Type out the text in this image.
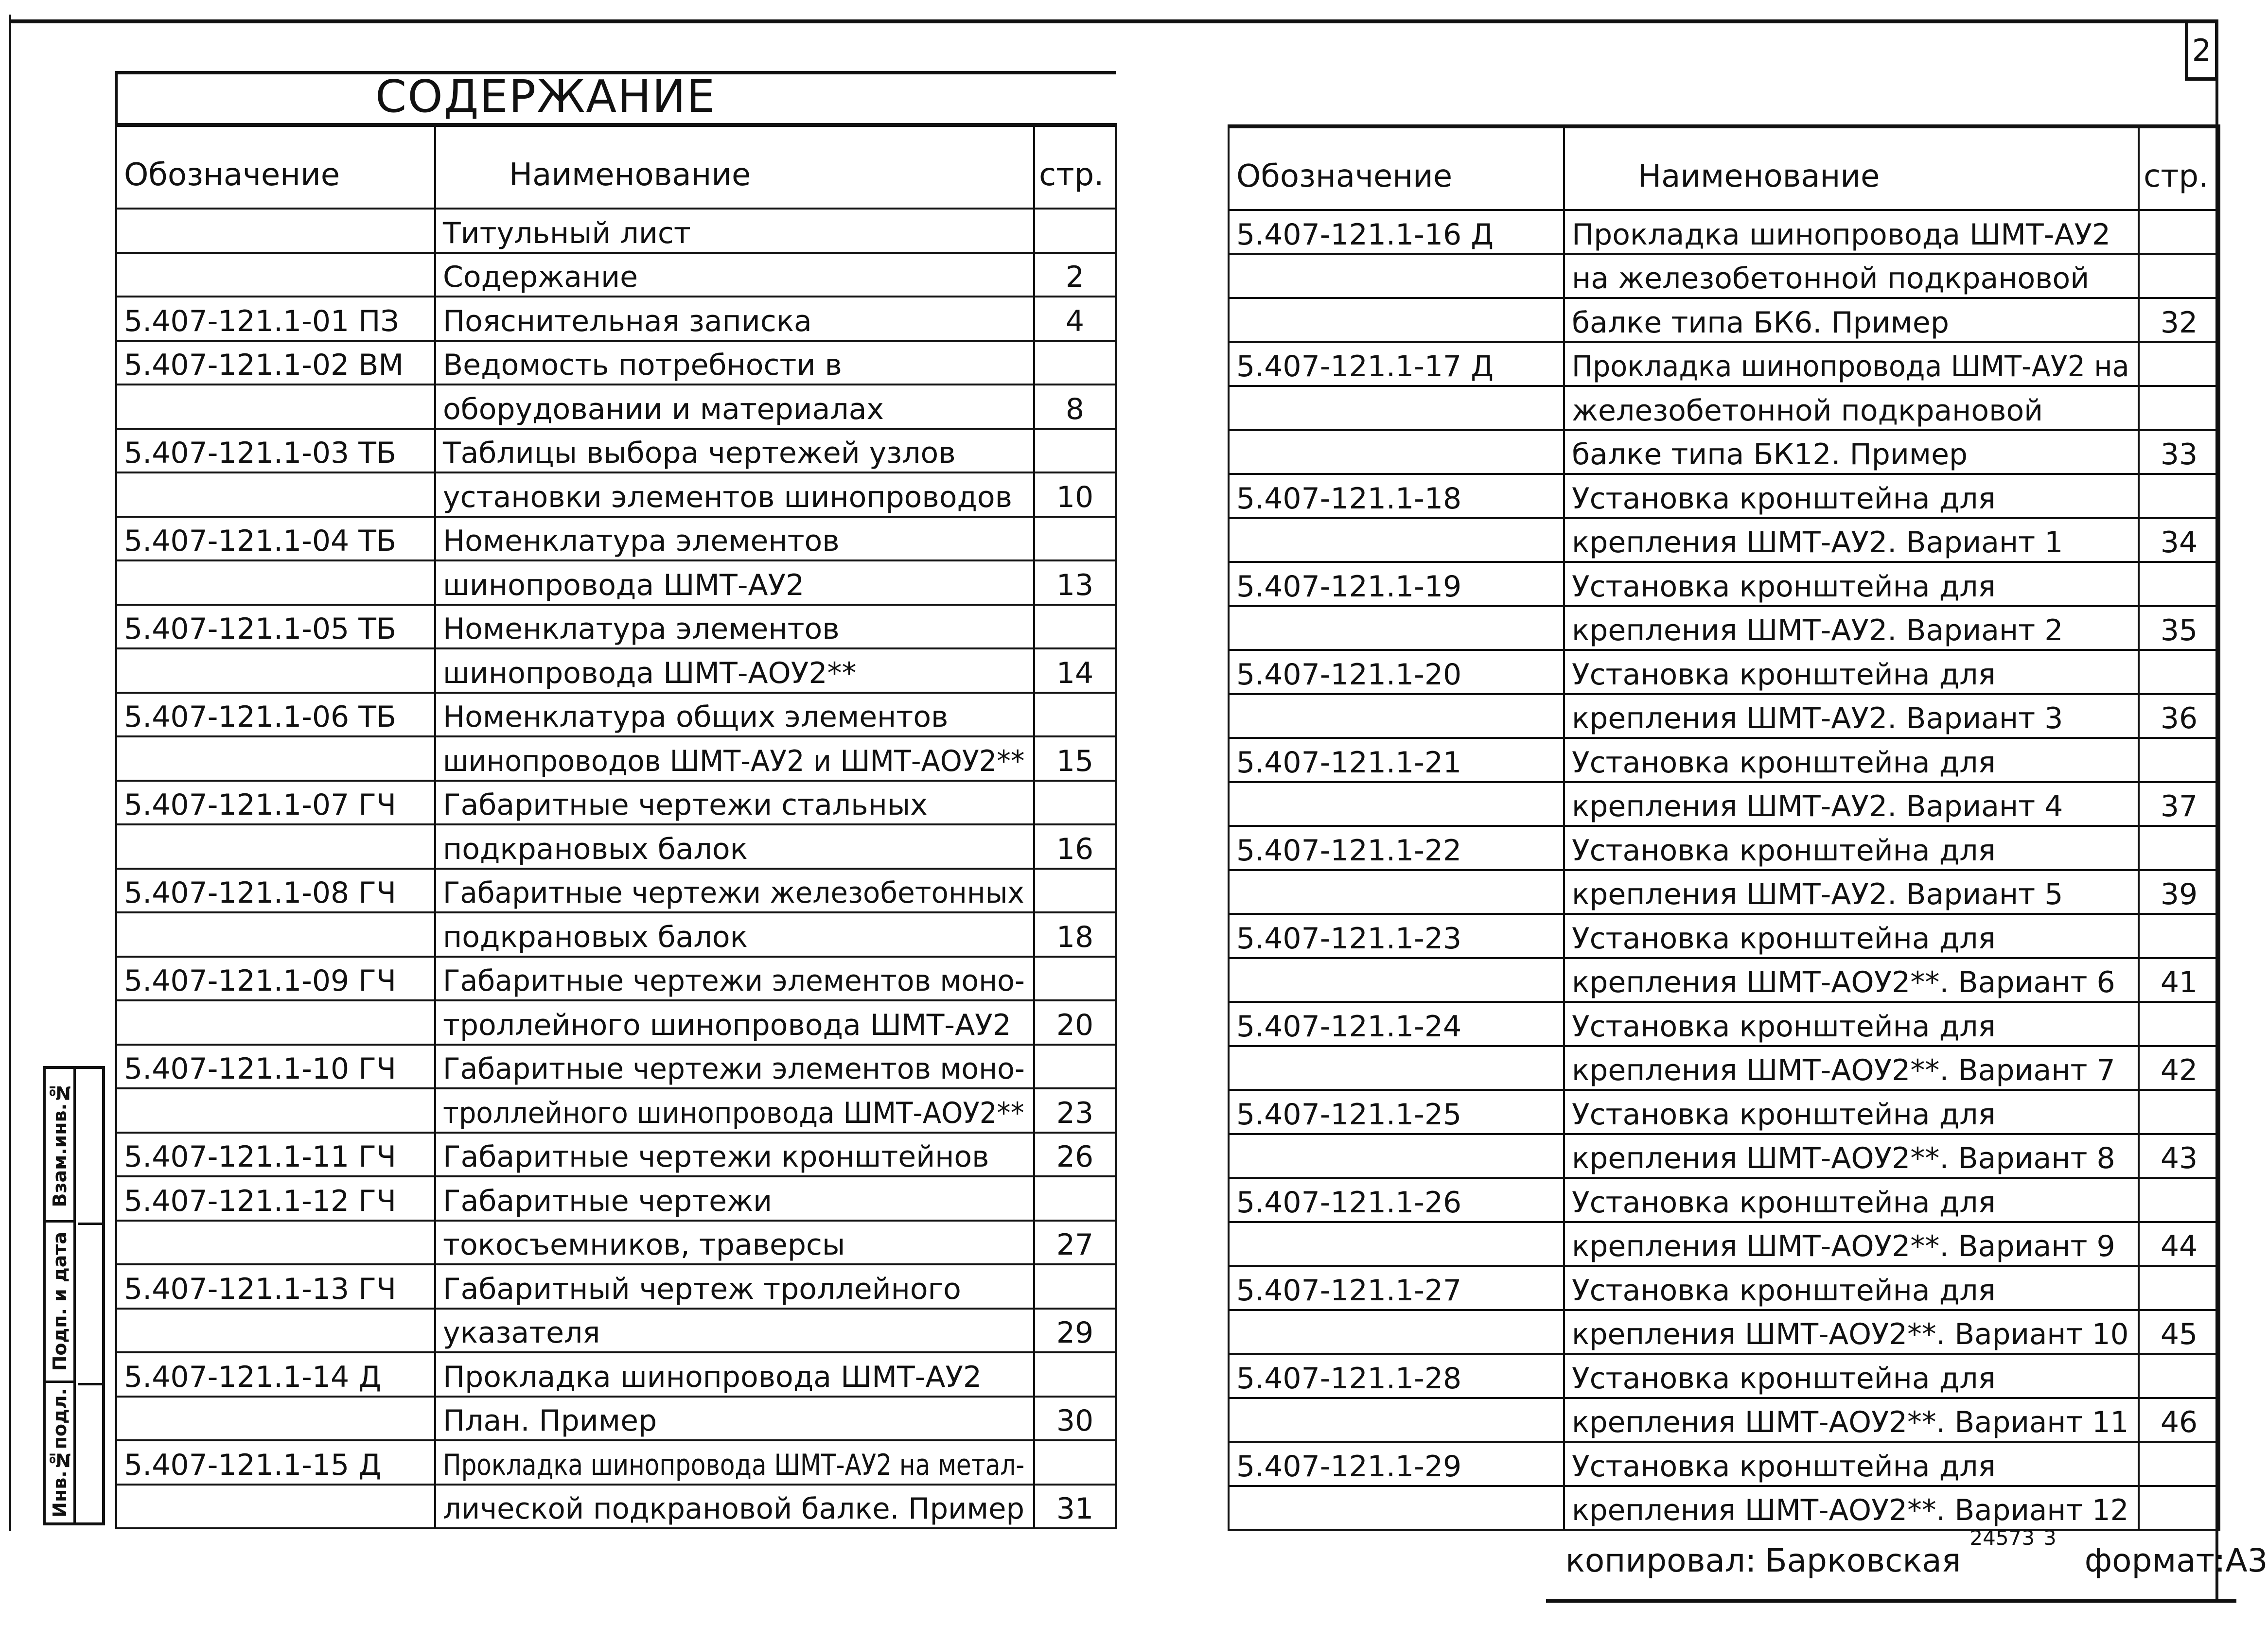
2
СОДЕРЖАНИЕ		
Обозначение	Наименование	стр.
	Титульный лист	
	Содержание	2
5.407-121.1-01 ПЗ	Пояснительная записка	4
5.407-121.1-02 ВМ	Ведомость потребности в	
	оборудовании и материалах	8
5.407-121.1-03 ТБ	Таблицы выбора чертежей узлов	
	установки элементов шинопроводов	10
5.407-121.1-04 ТБ	Номенклатура элементов	
	шинопровода ШМТ-АУ2	13
5.407-121.1-05 ТБ	Номенклатура элементов	
	шинопровода ШМТ-АОУ2**	14
5.407-121.1-06 ТБ	Номенклатура общих элементов	
	шинопроводов ШМТ-АУ2 и ШМТ-АОУ2**	15
5.407-121.1-07 ГЧ	Габаритные чертежи стальных	
	подкрановых балок	16
5.407-121.1-08 ГЧ	Габаритные чертежи железобетонных	
	подкрановых балок	18
5.407-121.1-09 ГЧ	Габаритные чертежи элементов моно-	
	троллейного шинопровода ШМТ-АУ2	20
5.407-121.1-10 ГЧ	Габаритные чертежи элементов моно-	
	троллейного шинопровода ШМТ-АОУ2**	23
5.407-121.1-11 ГЧ	Габаритные чертежи кронштейнов	26
5.407-121.1-12 ГЧ	Габаритные чертежи	
	токосъемников, траверсы	27
5.407-121.1-13 ГЧ	Габаритный чертеж троллейного	
	указателя	29
5.407-121.1-14 Д	Прокладка шинопровода ШМТ-АУ2	
	План. Пример	30
5.407-121.1-15 Д	Прокладка шинопровода ШМТ-АУ2 на метал-	
	лической подкрановой балке. Пример	31
Обозначение	Наименование	стр.
5.407-121.1-16 Д	Прокладка шинопровода ШМТ-АУ2	
	на железобетонной подкрановой	
	балке типа БК6. Пример	32
5.407-121.1-17 Д	Прокладка шинопровода ШМТ-АУ2 на	
	железобетонной подкрановой	
	балке типа БК12. Пример	33
5.407-121.1-18	Установка кронштейна для	
	крепления ШМТ-АУ2. Вариант 1	34
5.407-121.1-19	Установка кронштейна для	
	крепления ШМТ-АУ2. Вариант 2	35
5.407-121.1-20	Установка кронштейна для	
	крепления ШМТ-АУ2. Вариант 3	36
5.407-121.1-21	Установка кронштейна для	
	крепления ШМТ-АУ2. Вариант 4	37
5.407-121.1-22	Установка кронштейна для	
	крепления ШМТ-АУ2. Вариант 5	39
5.407-121.1-23	Установка кронштейна для	
	крепления ШМТ-АОУ2**. Вариант 6	41
5.407-121.1-24	Установка кронштейна для	
	крепления ШМТ-АОУ2**. Вариант 7	42
5.407-121.1-25	Установка кронштейна для	
	крепления ШМТ-АОУ2**. Вариант 8	43
5.407-121.1-26	Установка кронштейна для	
	крепления ШМТ-АОУ2**. Вариант 9	44
5.407-121.1-27	Установка кронштейна для	
	крепления ШМТ-АОУ2**. Вариант 10	45
5.407-121.1-28	Установка кронштейна для	
	крепления ШМТ-АОУ2**. Вариант 11	46
5.407-121.1-29	Установка кронштейна для	
	крепления ШМТ-АОУ2**. Вариант 12	
Взам.инв.№
Подп. и дата
Инв.№подл.
копировал: Барковская
24573 3
формат: А3
